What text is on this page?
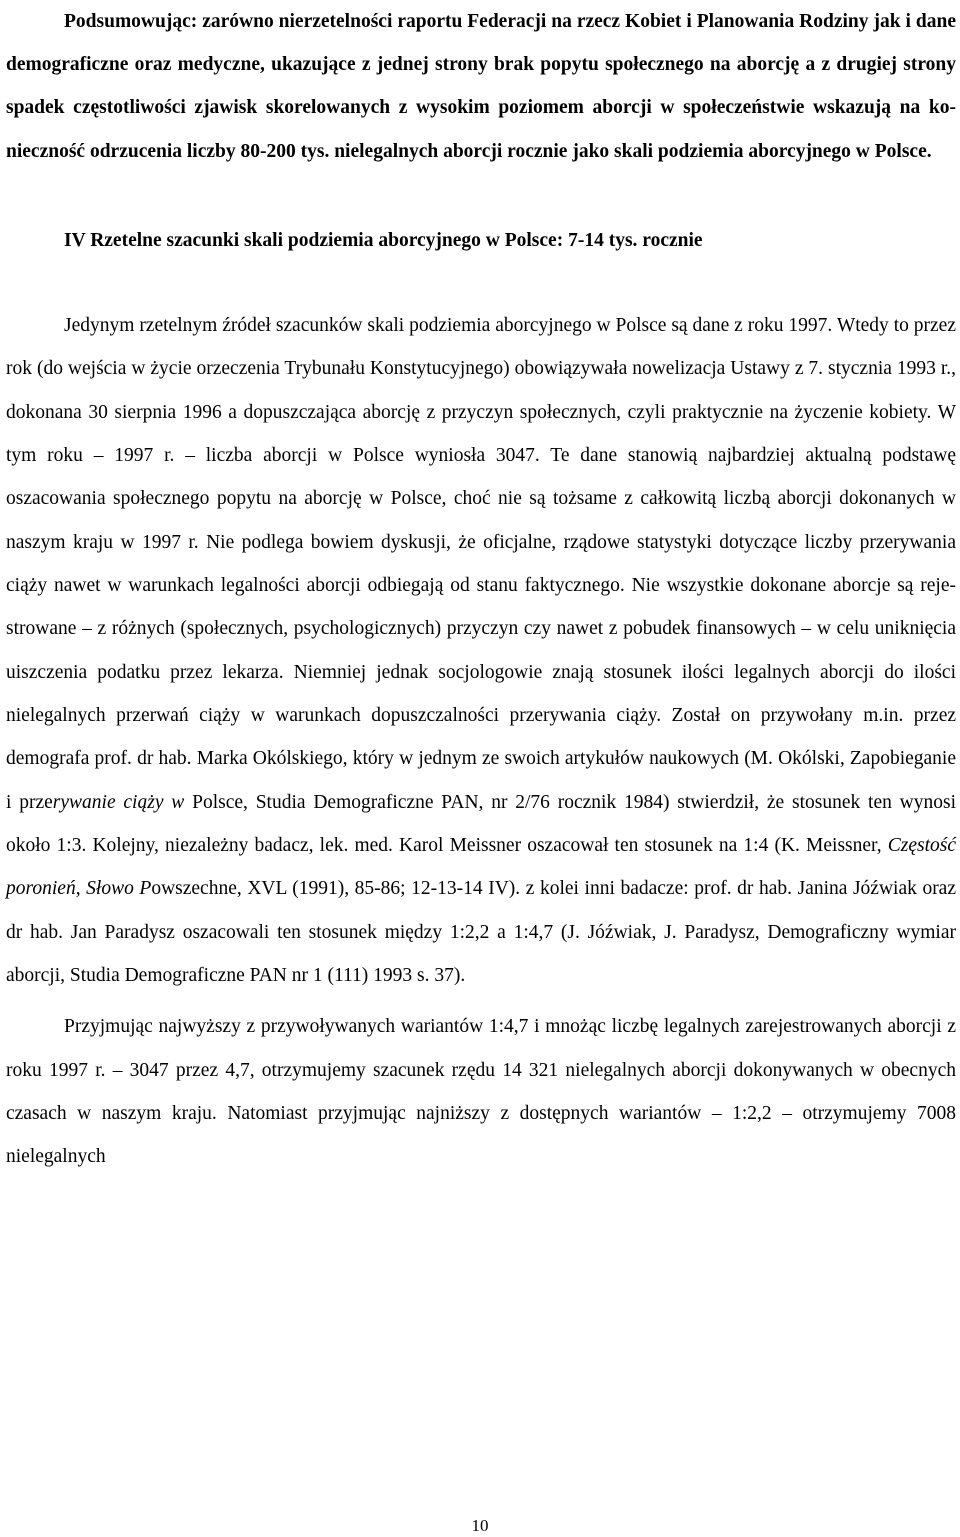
Podsumowując: zarówno nierzetelności raportu Federacji na rzecz Kobiet i Planowania Rodziny jak i dane demograficzne oraz medyczne, ukazujące z jednej strony brak popytu społecznego na aborcję a z drugiej strony spadek częstotliwości zjawisk skorelowanych z wysokim poziomem aborcji w społeczeństwie wskazują na konieczność odrzucenia liczby 80-200 tys. nielegalnych aborcji rocznie jako skali podziemia aborcyjnego w Polsce.

IV Rzetelne szacunki skali podziemia aborcyjnego w Polsce: 7-14 tys. rocznie

Jedynym rzetelnym źródeł szacunków skali podziemia aborcyjnego w Polsce są dane z roku 1997. Wtedy to przez rok (do wejścia w życie orzeczenia Trybunału Konstytucyjnego) obowiązywała nowelizacja Ustawy z 7. stycznia 1993 r., dokonana 30 sierpnia 1996 a dopuszczająca aborcję z przyczyn społecznych, czyli praktycznie na życzenie kobiety. W tym roku – 1997 r. – liczba aborcji w Polsce wyniosła 3047. Te dane stanowią najbardziej aktualną podstawę oszacowania społecznego popytu na aborcję w Polsce, choć nie są tożsame z całkowitą liczbą aborcji dokonanych w naszym kraju w 1997 r. Nie podlega bowiem dyskusji, że oficjalne, rządowe statystyki dotyczące liczby przerywania ciąży nawet w warunkach legalności aborcji odbiegają od stanu faktycznego. Nie wszystkie dokonane aborcje są rejestrowane – z różnych (społecznych, psychologicznych) przyczyn czy nawet z pobudek finansowych – w celu uniknięcia uiszczenia podatku przez lekarza. Niemniej jednak socjologowie znają stosunek ilości legalnych aborcji do ilości nielegalnych przerwań ciąży w warunkach dopuszczalności przerywania ciąży. Został on przywołany m.in. przez demografa prof. dr hab. Marka Okólskiego, który w jednym ze swoich artykułów naukowych (M. Okólski, Zapobieganie i przerywanie ciąży w Polsce, Studia Demograficzne PAN, nr 2/76 rocznik 1984) stwierdził, że stosunek ten wynosi około 1:3. Kolejny, niezależny badacz, lek. med. Karol Meissner oszacował ten stosunek na 1:4 (K. Meissner, Częstość poronień, Słowo Powszechne, XVL (1991), 85-86; 12-13-14 IV). z kolei inni badacze: prof. dr hab. Janina Jóźwiak oraz dr hab. Jan Paradysz oszacowali ten stosunek między 1:2,2 a 1:4,7 (J. Jóźwiak, J. Paradysz, Demograficzny wymiar aborcji, Studia Demograficzne PAN nr 1 (111) 1993 s. 37).

Przyjmując najwyższy z przywoływanych wariantów 1:4,7 i mnożąc liczbę legalnych zarejestrowanych aborcji z roku 1997 r. – 3047 przez 4,7, otrzymujemy szacunek rzędu 14 321 nielegalnych aborcji dokonywanych w obecnych czasach w naszym kraju. Natomiast przyjmując najniższy z dostępnych wariantów – 1:2,2 – otrzymujemy 7008 nielegalnych

10
